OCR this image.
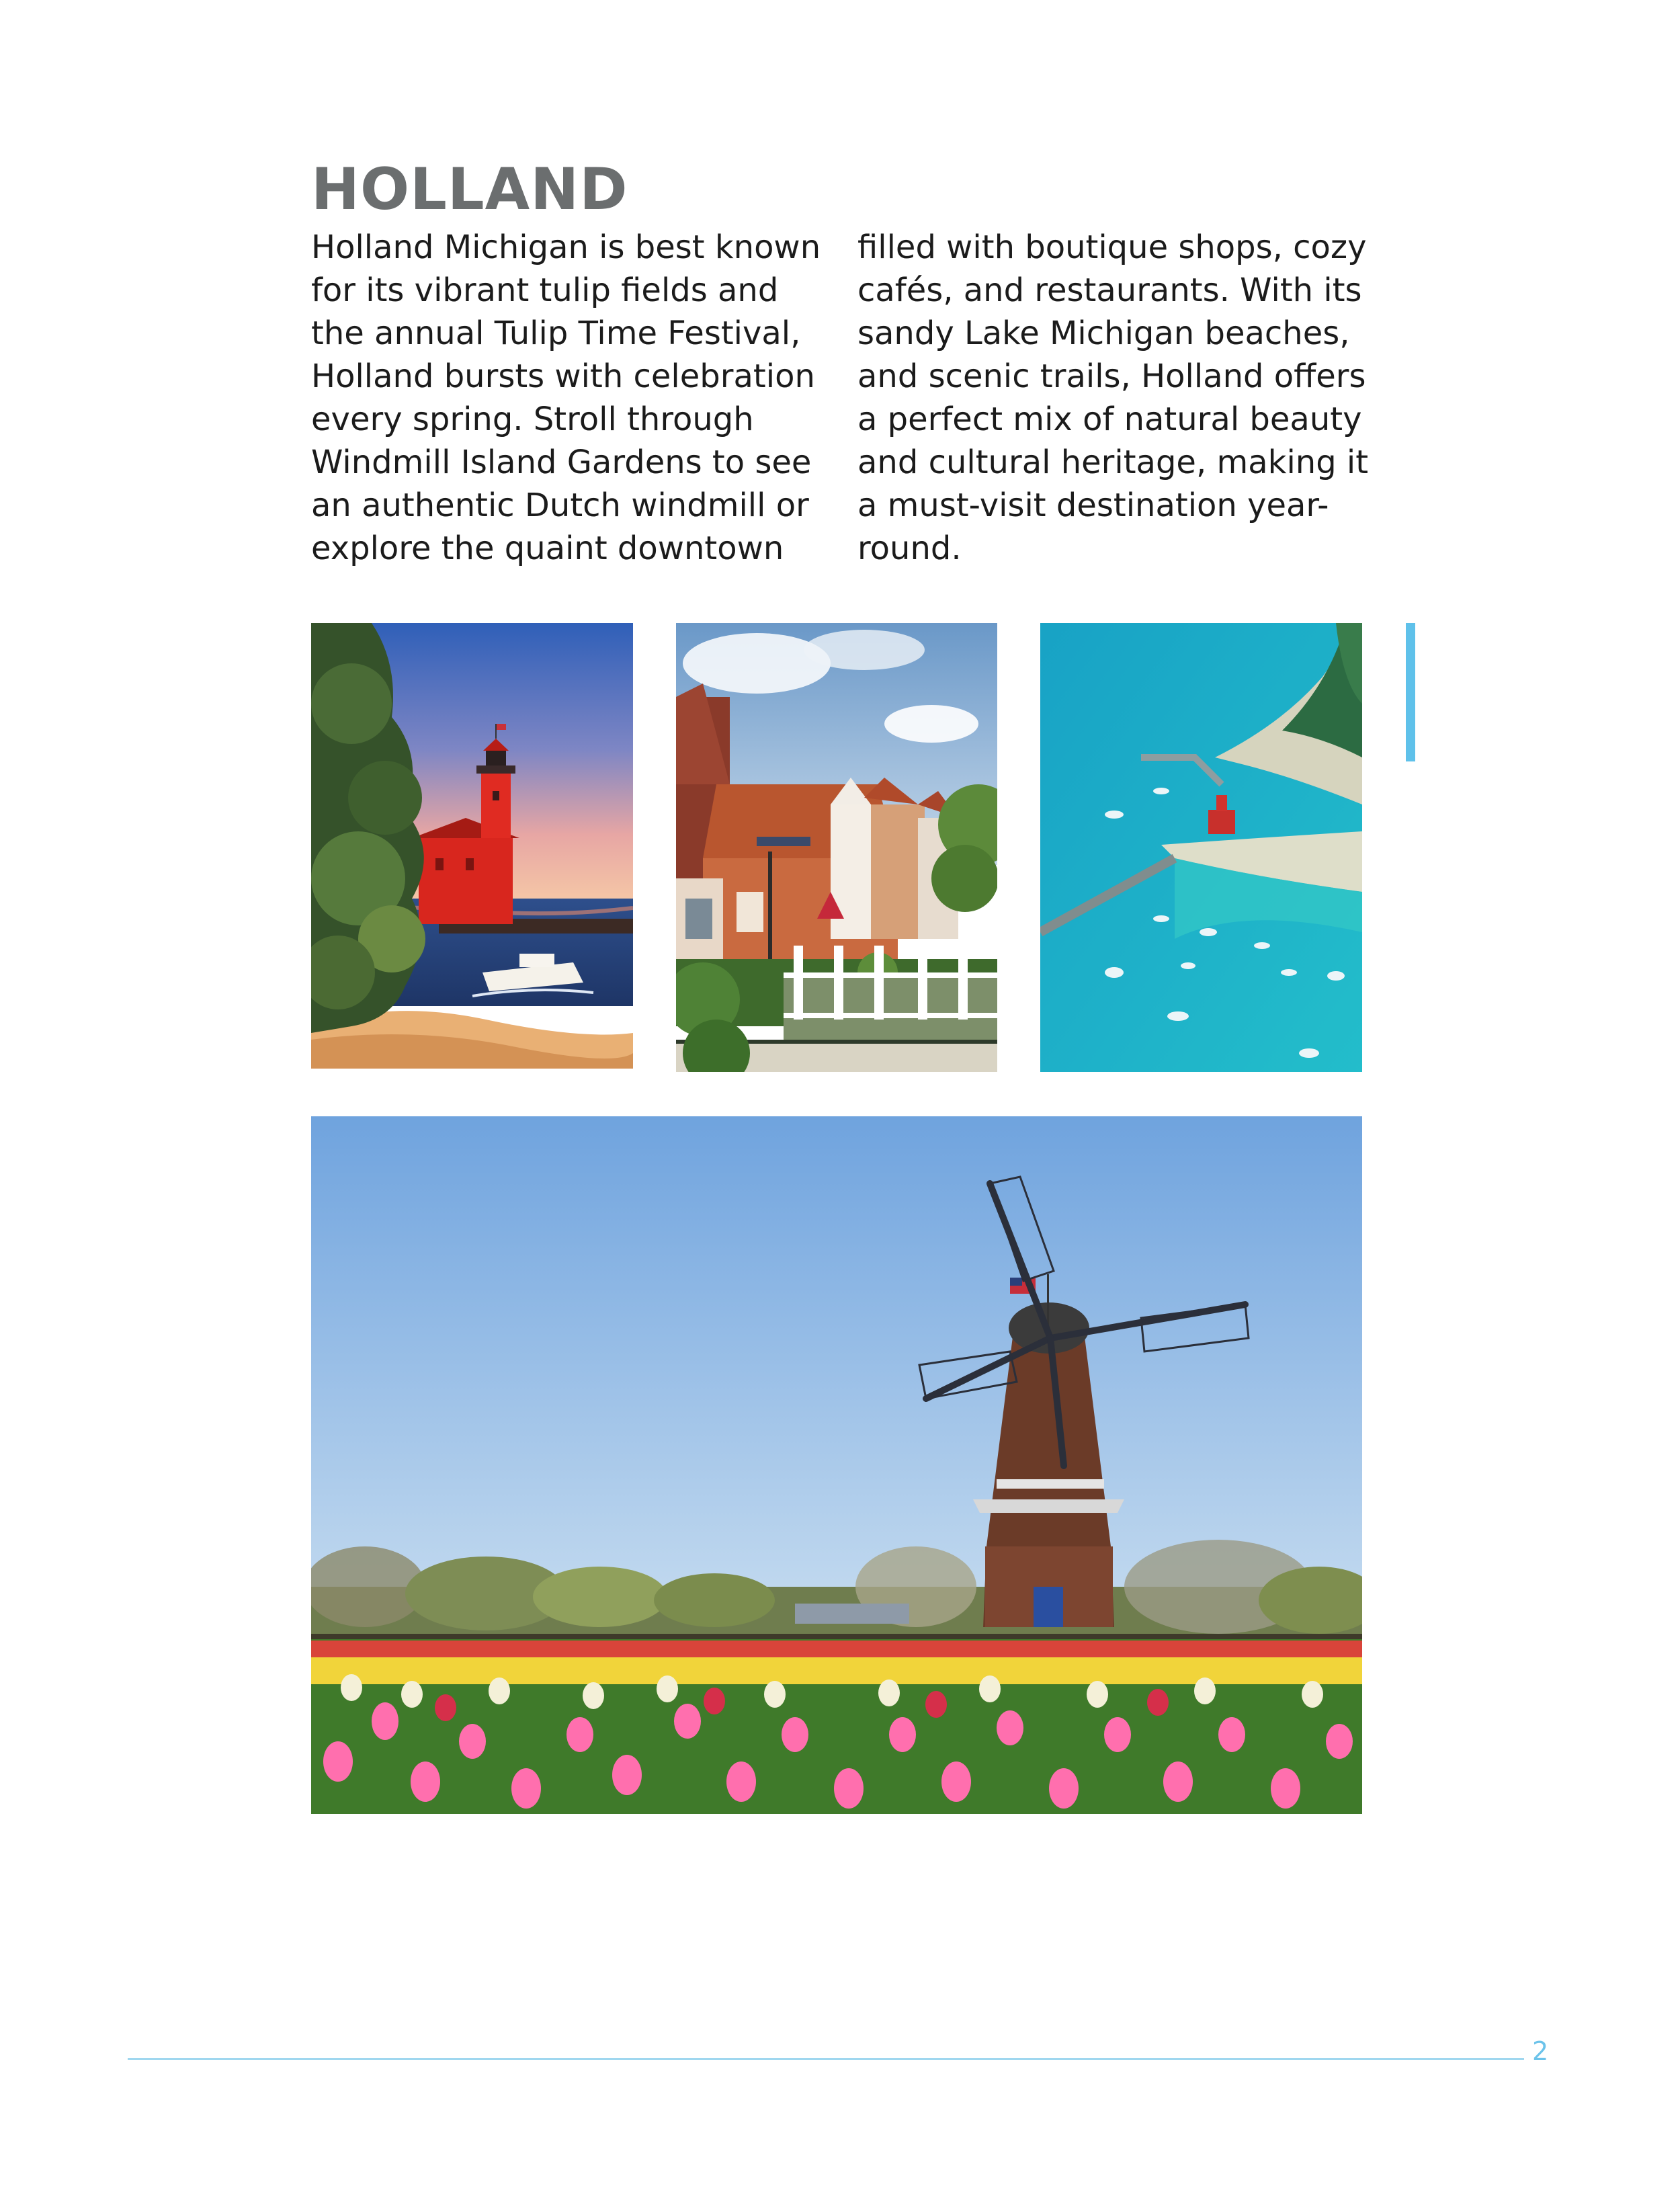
HOLLAND
Holland Michigan is best known
for its vibrant tulip fields and
the annual Tulip Time Festival,
Holland bursts with celebration
every spring. Stroll through
Windmill Island Gardens to see
an authentic Dutch windmill or
explore the quaint downtown
filled with boutique shops, cozy
cafés, and restaurants. With its
sandy Lake Michigan beaches,
and scenic trails, Holland offers
a perfect mix of natural beauty
and cultural heritage, making it
a must-visit destination year-
round.
2
